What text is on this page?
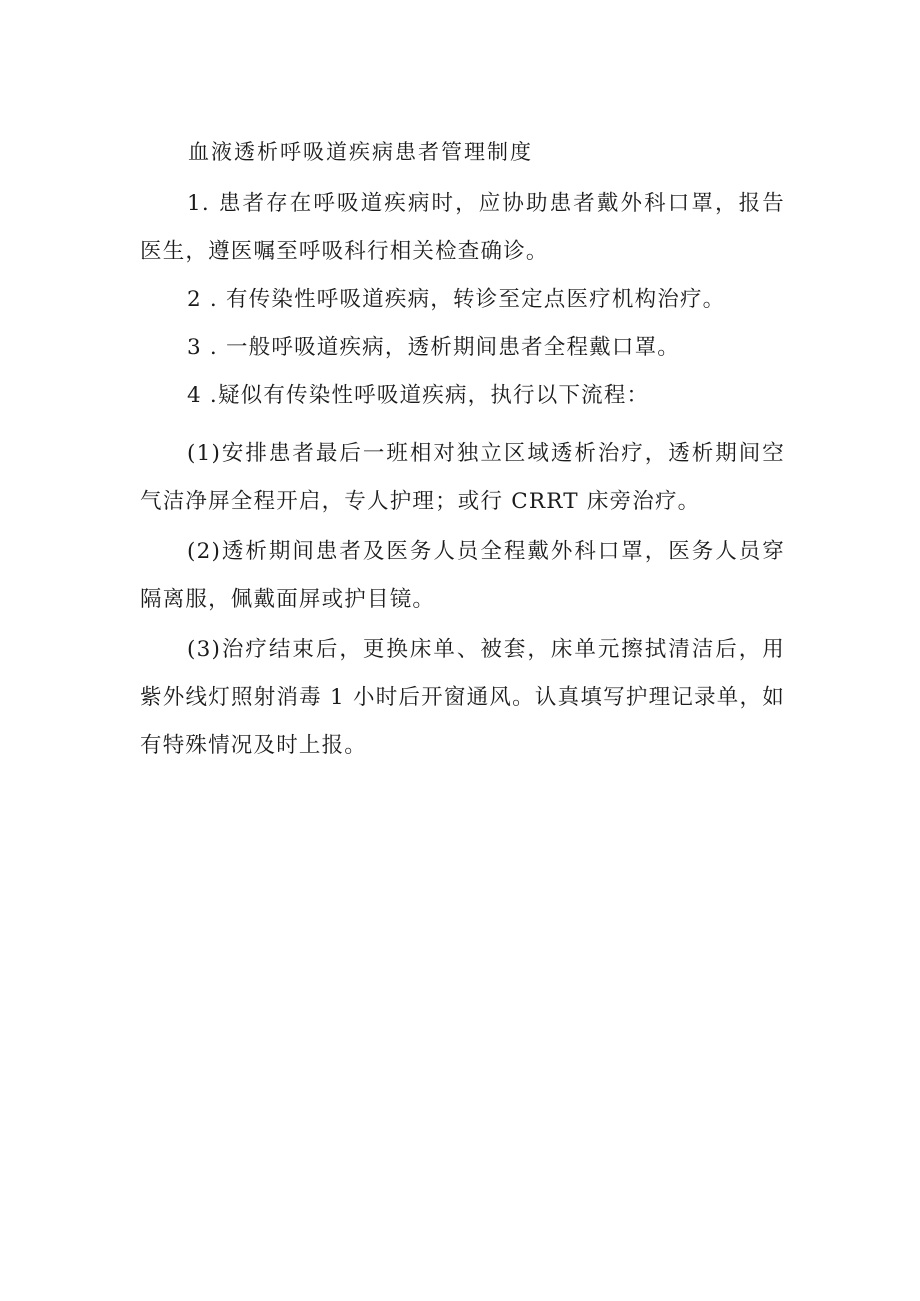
血液透析呼吸道疾病患者管理制度

1. 患者存在呼吸道疾病时，应协助患者戴外科口罩，报告医生，遵医嘱至呼吸科行相关检查确诊。

2 . 有传染性呼吸道疾病，转诊至定点医疗机构治疗。

3 . 一般呼吸道疾病，透析期间患者全程戴口罩。

4 .疑似有传染性呼吸道疾病，执行以下流程：

(1)安排患者最后一班相对独立区域透析治疗，透析期间空气洁净屏全程开启，专人护理；或行 CRRT 床旁治疗。

(2)透析期间患者及医务人员全程戴外科口罩，医务人员穿隔离服，佩戴面屏或护目镜。

(3)治疗结束后，更换床单、被套，床单元擦拭清洁后，用紫外线灯照射消毒 1 小时后开窗通风。认真填写护理记录单，如有特殊情况及时上报。
